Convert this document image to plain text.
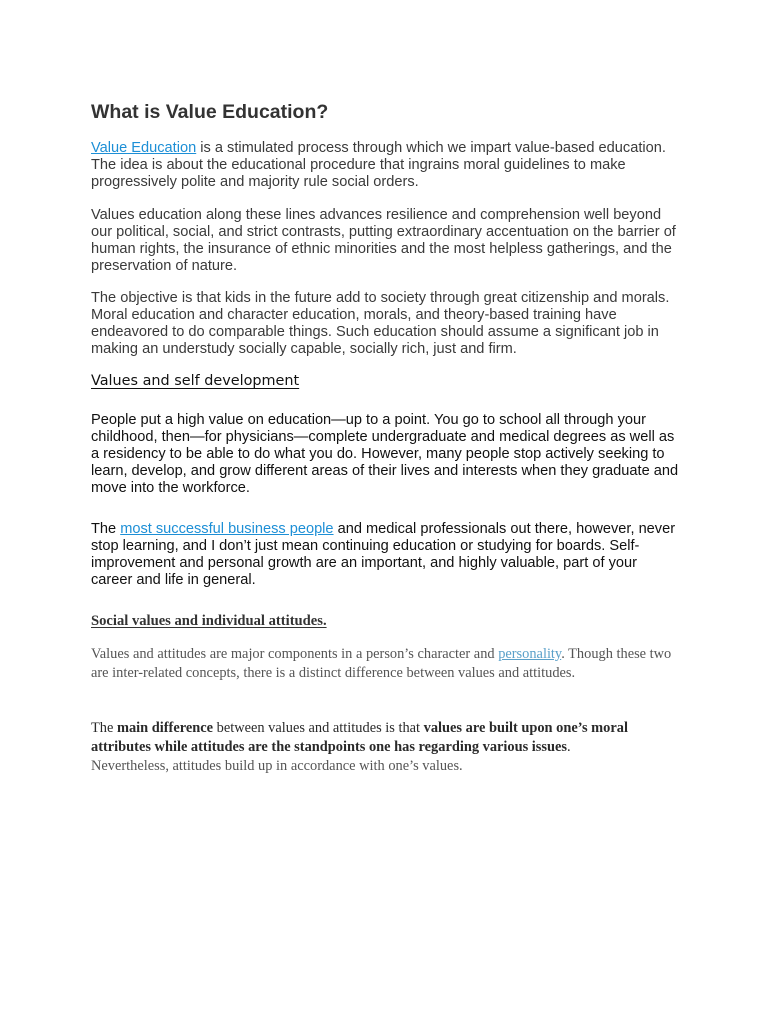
What is Value Education?

Value Education is a stimulated process through which we impart value-based education. The idea is about the educational procedure that ingrains moral guidelines to make progressively polite and majority rule social orders.

Values education along these lines advances resilience and comprehension well beyond our political, social, and strict contrasts, putting extraordinary accentuation on the barrier of human rights, the insurance of ethnic minorities and the most helpless gatherings, and the preservation of nature.

The objective is that kids in the future add to society through great citizenship and morals. Moral education and character education, morals, and theory-based training have endeavored to do comparable things. Such education should assume a significant job in making an understudy socially capable, socially rich, just and firm.

Values and self development

People put a high value on education—up to a point. You go to school all through your childhood, then—for physicians—complete undergraduate and medical degrees as well as a residency to be able to do what you do. However, many people stop actively seeking to learn, develop, and grow different areas of their lives and interests when they graduate and move into the workforce.

The most successful business people and medical professionals out there, however, never stop learning, and I don’t just mean continuing education or studying for boards. Self-improvement and personal growth are an important, and highly valuable, part of your career and life in general.

Social values and individual attitudes.

Values and attitudes are major components in a person’s character and personality. Though these two are inter-related concepts, there is a distinct difference between values and attitudes.

The main difference between values and attitudes is that values are built upon one’s moral attributes while attitudes are the standpoints one has regarding various issues.
Nevertheless, attitudes build up in accordance with one’s values.
